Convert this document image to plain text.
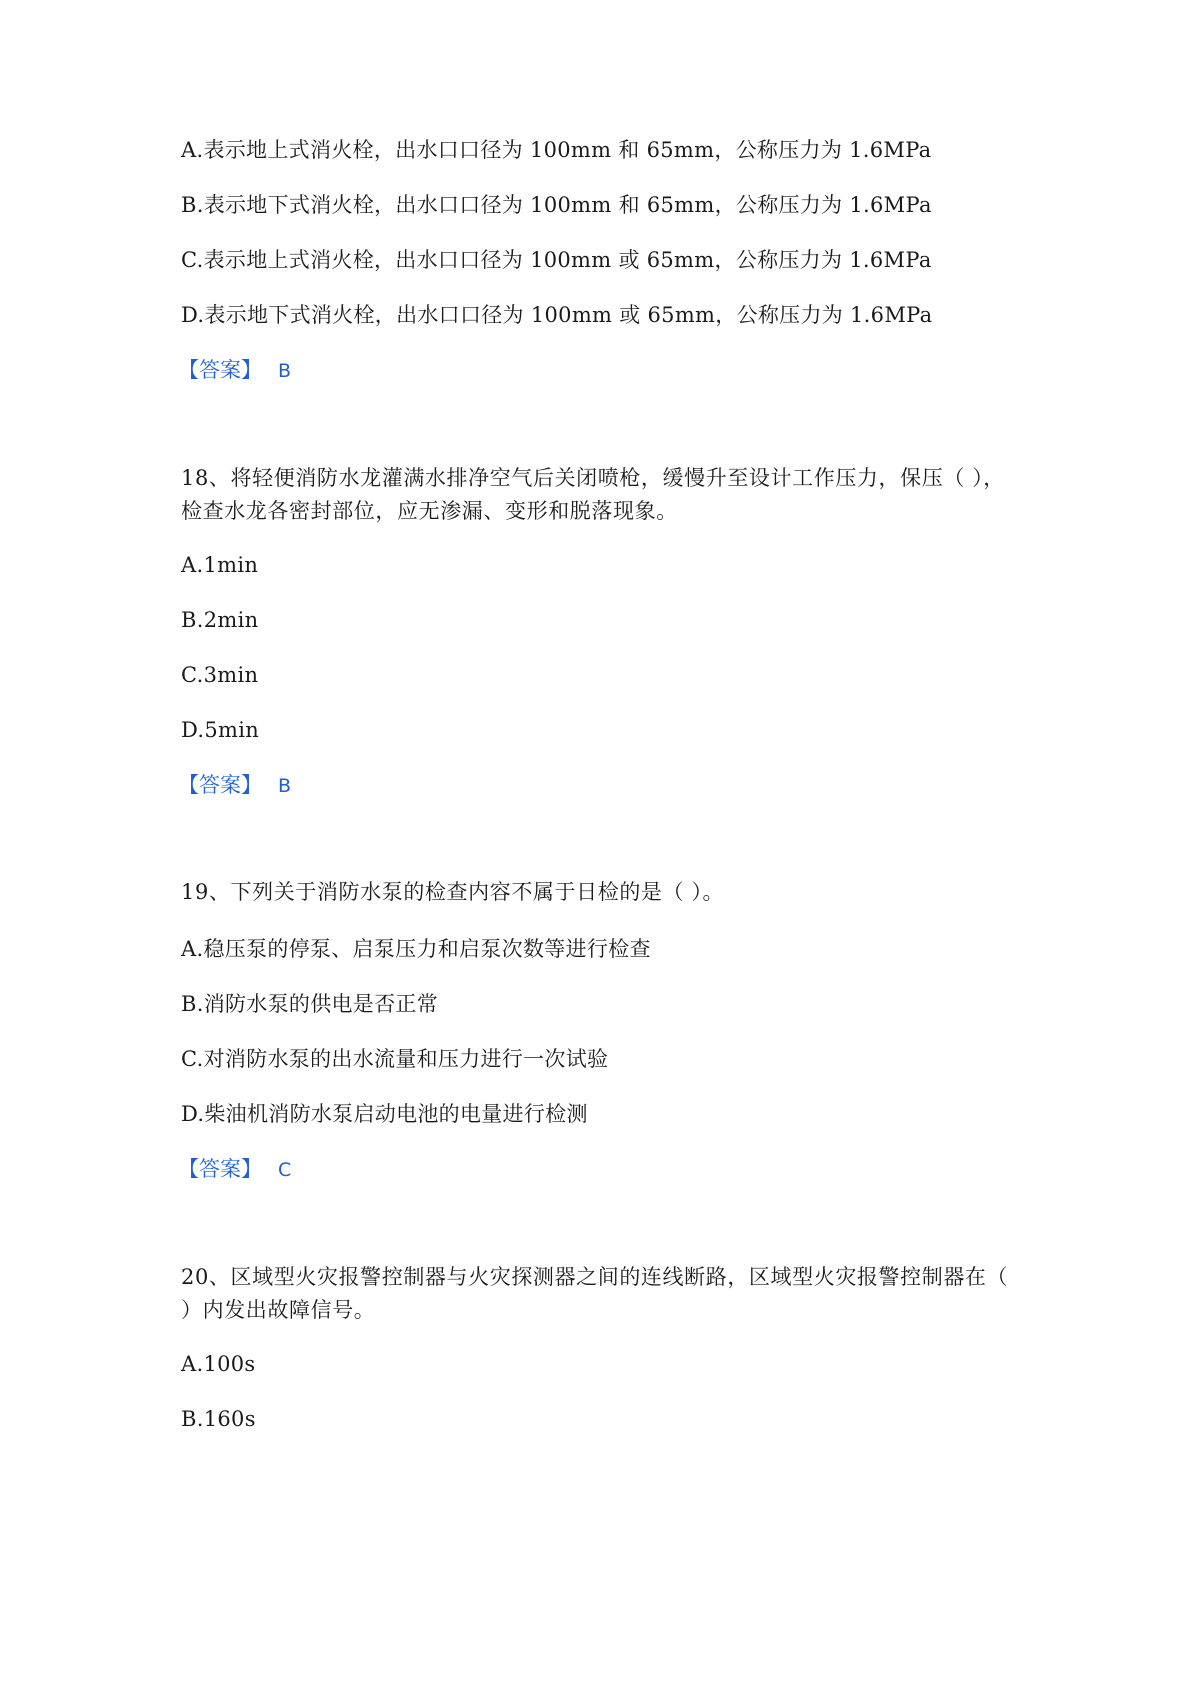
A.表示地上式消火栓，出水口口径为 100mm 和 65mm，公称压力为 1.6MPa
B.表示地下式消火栓，出水口口径为 100mm 和 65mm，公称压力为 1.6MPa
C.表示地上式消火栓，出水口口径为 100mm 或 65mm，公称压力为 1.6MPa
D.表示地下式消火栓，出水口口径为 100mm 或 65mm，公称压力为 1.6MPa
【答案】 B
18、将轻便消防水龙灌满水排净空气后关闭喷枪，缓慢升至设计工作压力，保压（ ），检查水龙各密封部位，应无渗漏、变形和脱落现象。
A.1min
B.2min
C.3min
D.5min
【答案】 B
19、下列关于消防水泵的检查内容不属于日检的是（ ）。
A.稳压泵的停泵、启泵压力和启泵次数等进行检查
B.消防水泵的供电是否正常
C.对消防水泵的出水流量和压力进行一次试验
D.柴油机消防水泵启动电池的电量进行检测
【答案】 C
20、区域型火灾报警控制器与火灾探测器之间的连线断路，区域型火灾报警控制器在（ ）内发出故障信号。
A.100s
B.160s
